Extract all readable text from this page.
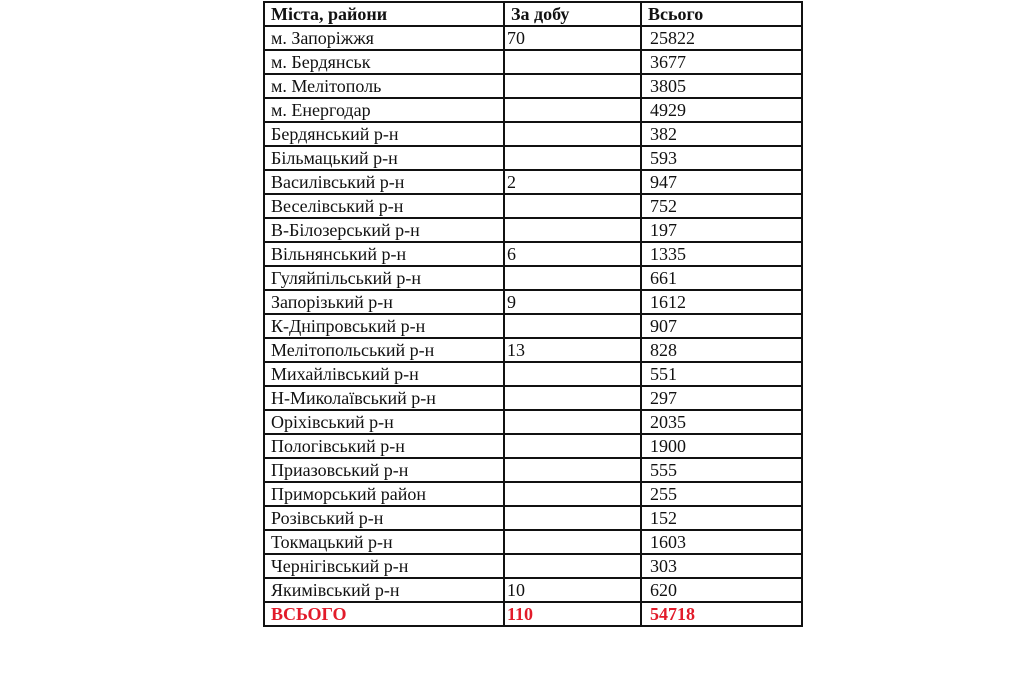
Міста, райони	За добу	Всього
м. Запоріжжя	70	25822
м. Бердянськ		3677
м. Мелітополь		3805
м. Енергодар		4929
Бердянський р-н		382
Більмацький р-н		593
Василівський р-н	2	947
Веселівський р-н		752
В-Білозерський р-н		197
Вільнянський р-н	6	1335
Гуляйпільський р-н		661
Запорізький р-н	9	1612
К-Дніпровський р-н		907
Мелітопольський р-н	13	828
Михайлівський р-н		551
Н-Миколаївський р-н		297
Оріхівський р-н		2035
Пологівський р-н		1900
Приазовський р-н		555
Приморський район		255
Розівський р-н		152
Токмацький р-н		1603
Чернігівський р-н		303
Якимівський р-н	10	620
ВСЬОГО	110	54718
